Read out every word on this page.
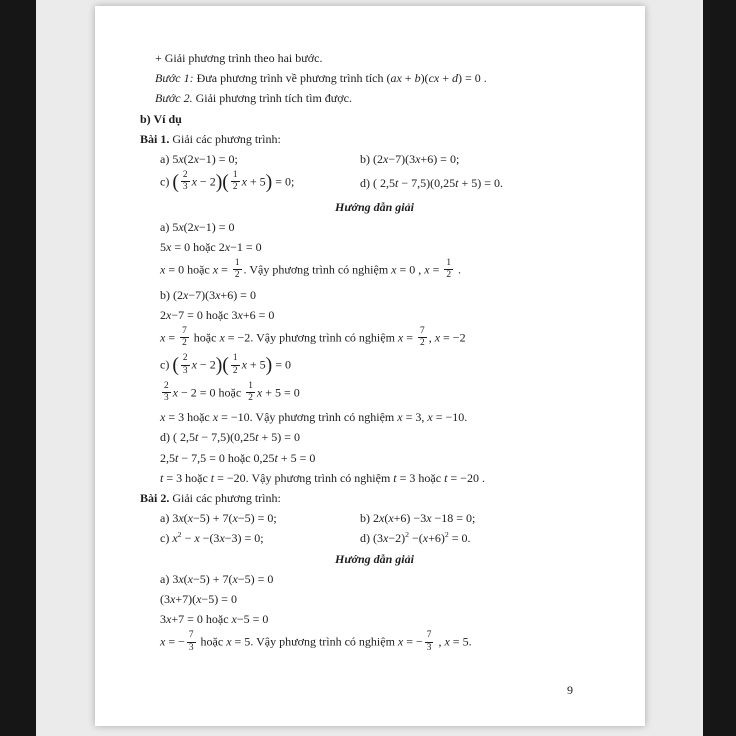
+ Giải phương trình theo hai bước.
Bước 1: Đưa phương trình về phương trình tích (ax + b)(cx + d) = 0 .
Bước 2. Giải phương trình tích tìm được.
b) Ví dụ
Bài 1. Giải các phương trình:
a) 5x(2x−1) = 0;	b) (2x−7)(3x+6) = 0;
c) ( $\frac{2}{3}$ $x - 2)( \frac{1}{2}$ x + 5) = 0;	d) ( 2,5t − 7,5)(0,25t + 5) = 0.
Hướng dẫn giải
a) 5x(2x−1) = 0
5x = 0 hoặc 2x−1 = 0
x = 0 hoặc $x = \frac{1}{2}$ . Vậy phương trình có nghiệm x = 0 , $x = \frac{1}{2}$ .
b) (2x−7)(3x+6) = 0
2x−7 = 0 hoặc 3x+6 = 0
$x = \frac{7}{2}$ hoặc x = −2. Vậy phương trình có nghiệm $x = \frac{7}{2}$ , x = −2
c) ( $\frac{2}{3}$ $x - 2)( \frac{1}{2}$ x + 5) = 0
$\frac{2}{3}$ x − 2 = 0 hoặc $\frac{1}{2}$ x + 5 = 0
x = 3 hoặc x = −10. Vậy phương trình có nghiệm x = 3, x = −10.
d) ( 2,5t − 7,5)(0,25t + 5) = 0
2,5t − 7,5 = 0 hoặc 0,25t + 5 = 0
t = 3 hoặc t = −20. Vậy phương trình có nghiệm t = 3 hoặc t = −20 .
Bài 2. Giải các phương trình:
a) 3x(x−5) + 7(x−5) = 0;	b) 2x(x+6) −3x −18 = 0;
c) $x^2 - x -(3x-3) = 0$;	d) $(3x-2)^2 -(x+6)^2 = 0$.
Hướng dẫn giải
a) 3x(x−5) + 7(x−5) = 0
(3x+7)(x−5) = 0
3x+7 = 0 hoặc x−5 = 0
x = − $\frac{7}{3}$ hoặc x = 5. Vậy phương trình có nghiệm x = − $\frac{7}{3}$ , x = 5.
9
